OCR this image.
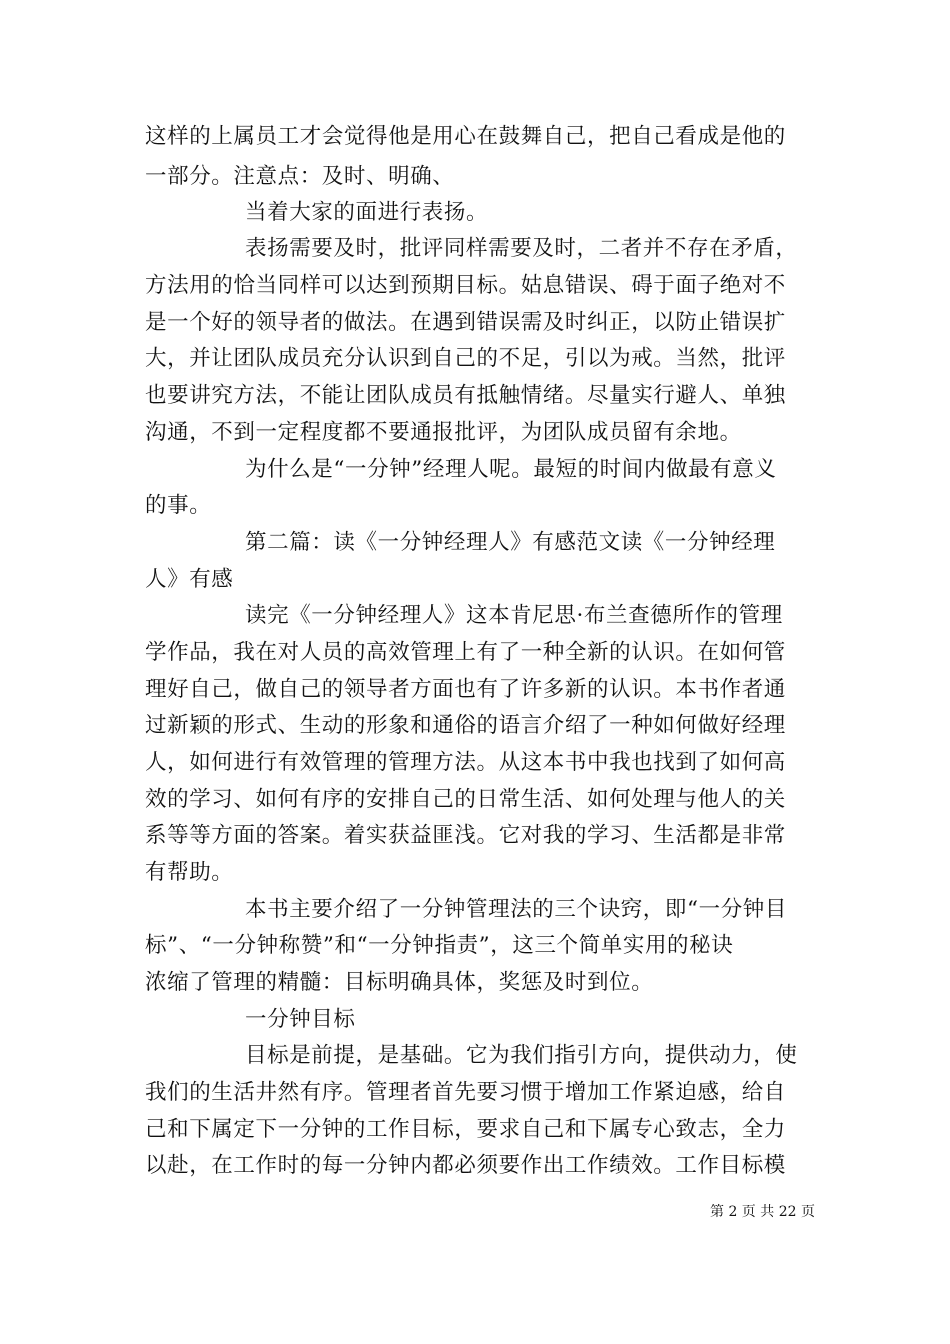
这样的上属员工才会觉得他是用心在鼓舞自己，把自己看成是他的
一部分。注意点：及时、明确、
当着大家的面进行表扬。
表扬需要及时，批评同样需要及时，二者并不存在矛盾，
方法用的恰当同样可以达到预期目标。姑息错误、碍于面子绝对不
是一个好的领导者的做法。在遇到错误需及时纠正，以防止错误扩
大，并让团队成员充分认识到自己的不足，引以为戒。当然，批评
也要讲究方法，不能让团队成员有抵触情绪。尽量实行避人、单独
沟通，不到一定程度都不要通报批评，为团队成员留有余地。
为什么是“一分钟”经理人呢。最短的时间内做最有意义
的事。
第二篇：读《一分钟经理人》有感范文读《一分钟经理
人》有感
读完《一分钟经理人》这本肯尼思·布兰查德所作的管理
学作品，我在对人员的高效管理上有了一种全新的认识。在如何管
理好自己，做自己的领导者方面也有了许多新的认识。本书作者通
过新颖的形式、生动的形象和通俗的语言介绍了一种如何做好经理
人，如何进行有效管理的管理方法。从这本书中我也找到了如何高
效的学习、如何有序的安排自己的日常生活、如何处理与他人的关
系等等方面的答案。着实获益匪浅。它对我的学习、生活都是非常
有帮助。
本书主要介绍了一分钟管理法的三个诀窍，即“一分钟目
标”、“一分钟称赞”和“一分钟指责”，这三个简单实用的秘诀
浓缩了管理的精髓：目标明确具体，奖惩及时到位。
一分钟目标
目标是前提，是基础。它为我们指引方向，提供动力，使
我们的生活井然有序。管理者首先要习惯于增加工作紧迫感，给自
己和下属定下一分钟的工作目标，要求自己和下属专心致志，全力
以赴，在工作时的每一分钟内都必须要作出工作绩效。工作目标模
第 2 页 共 22 页
